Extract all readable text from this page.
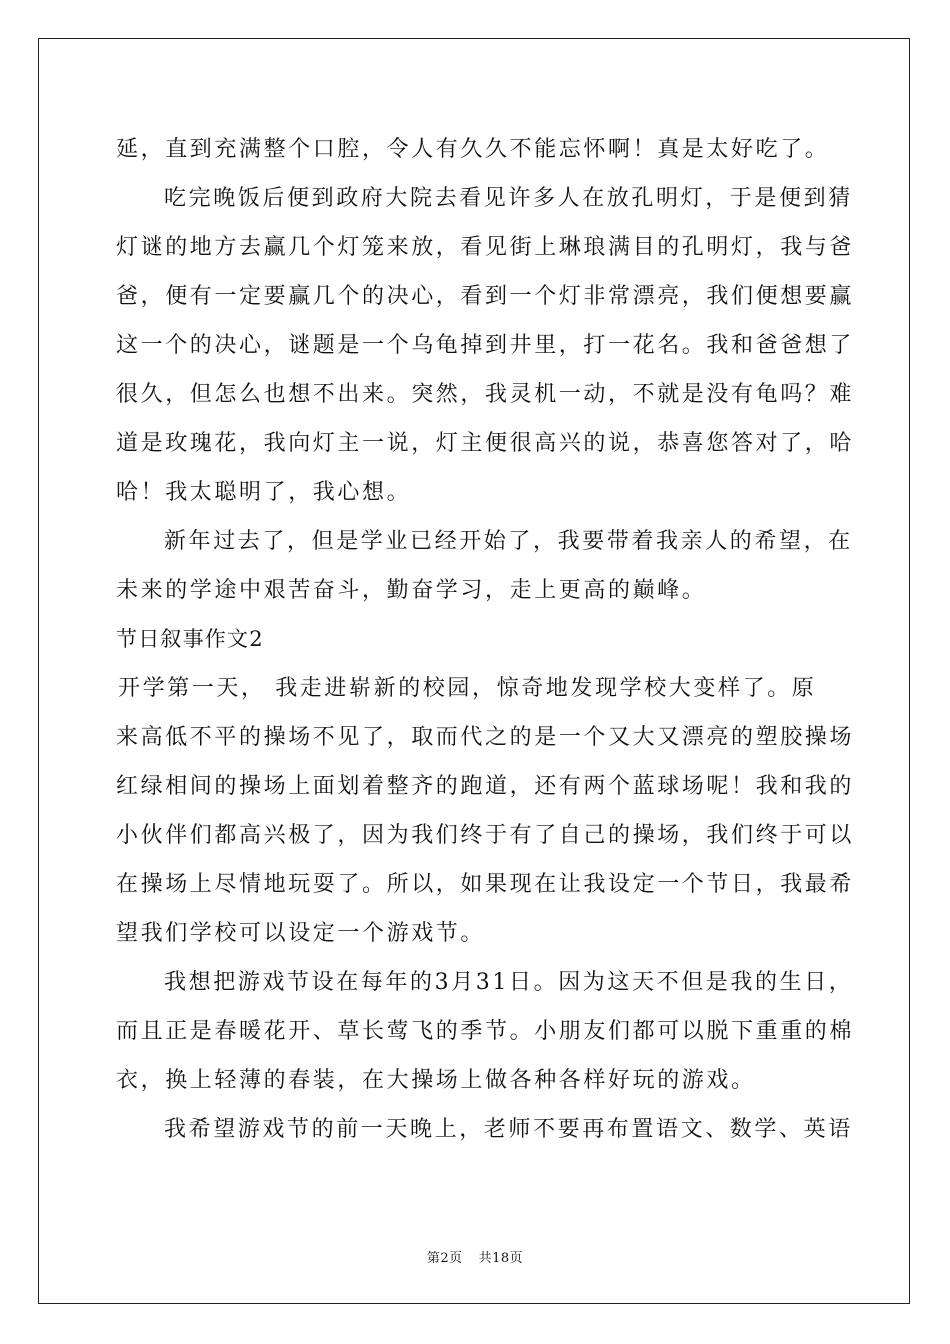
延，直到充满整个口腔，令人有久久不能忘怀啊！真是太好吃了。
吃完晚饭后便到政府大院去看见许多人在放孔明灯，于是便到猜
灯谜的地方去赢几个灯笼来放，看见街上琳琅满目的孔明灯，我与爸
爸，便有一定要赢几个的决心，看到一个灯非常漂亮，我们便想要赢
这一个的决心，谜题是一个乌龟掉到井里，打一花名。我和爸爸想了
很久，但怎么也想不出来。突然，我灵机一动，不就是没有龟吗？难
道是玫瑰花，我向灯主一说，灯主便很高兴的说，恭喜您答对了，哈
哈！我太聪明了，我心想。
新年过去了，但是学业已经开始了，我要带着我亲人的希望，在
未来的学途中艰苦奋斗，勤奋学习，走上更高的巅峰。
节日叙事作文2
开学第一天， 我走进崭新的校园，惊奇地发现学校大变样了。原
来高低不平的操场不见了，取而代之的是一个又大又漂亮的塑胶操场
红绿相间的操场上面划着整齐的跑道，还有两个蓝球场呢！我和我的
小伙伴们都高兴极了，因为我们终于有了自己的操场，我们终于可以
在操场上尽情地玩耍了。所以，如果现在让我设定一个节日，我最希
望我们学校可以设定一个游戏节。
我想把游戏节设在每年的3月31日。因为这天不但是我的生日，
而且正是春暖花开、草长莺飞的季节。小朋友们都可以脱下重重的棉
衣，换上轻薄的春装，在大操场上做各种各样好玩的游戏。
我希望游戏节的前一天晚上，老师不要再布置语文、数学、英语
第2页 共18页
